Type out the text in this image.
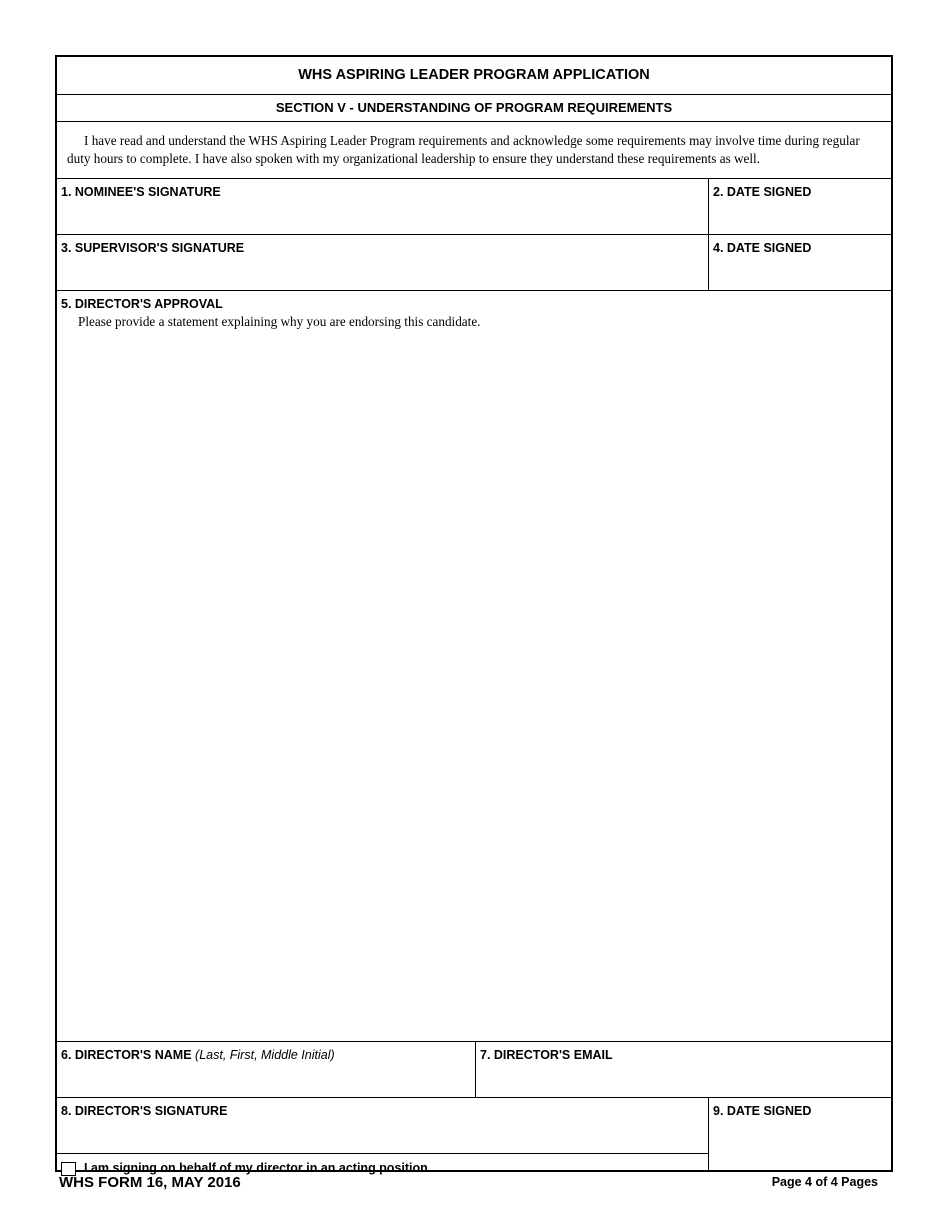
WHS ASPIRING LEADER PROGRAM APPLICATION
SECTION V - UNDERSTANDING OF PROGRAM REQUIREMENTS
I have read and understand the WHS Aspiring Leader Program requirements and acknowledge some requirements may involve time during regular duty hours to complete. I have also spoken with my organizational leadership to ensure they understand these requirements as well.
1. NOMINEE'S SIGNATURE	2. DATE SIGNED
3. SUPERVISOR'S SIGNATURE	4. DATE SIGNED
5. DIRECTOR'S APPROVAL
Please provide a statement explaining why you are endorsing this candidate.
6. DIRECTOR'S NAME (Last, First, Middle Initial)	7. DIRECTOR'S EMAIL
8. DIRECTOR'S SIGNATURE	9. DATE SIGNED
I am signing on behalf of my director in an acting position.
WHS FORM 16, MAY 2016	Page 4 of 4 Pages
